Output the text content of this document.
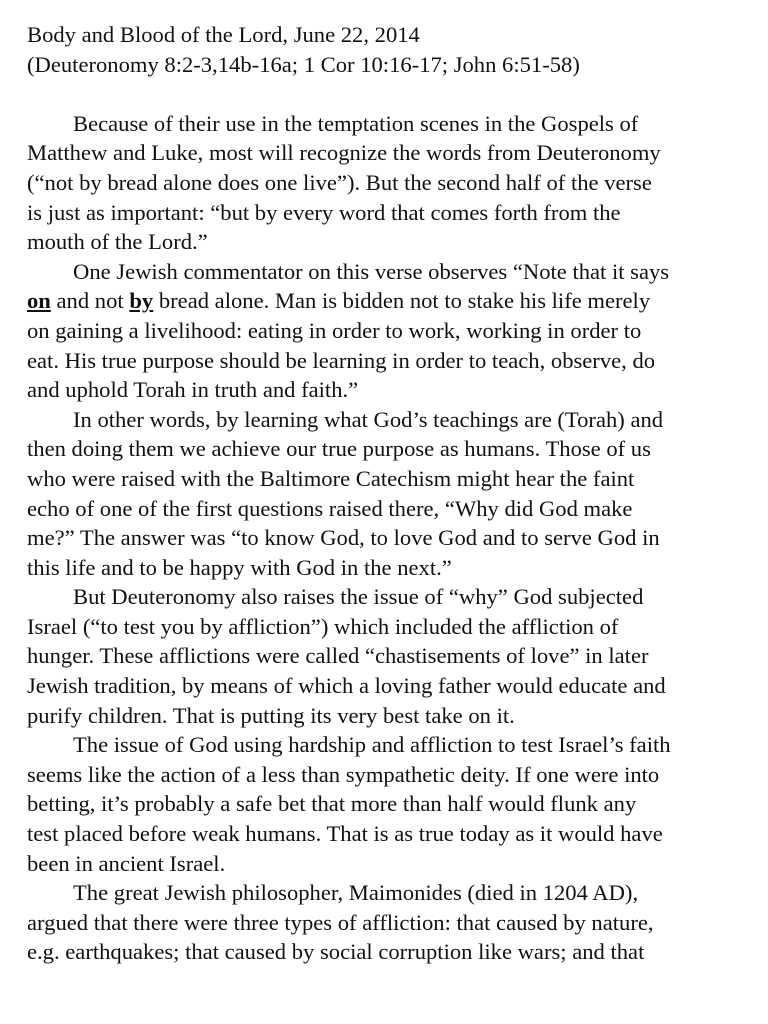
Body and Blood of the Lord, June 22, 2014
(Deuteronomy 8:2-3,14b-16a; 1 Cor 10:16-17; John 6:51-58)
Because of their use in the temptation scenes in the Gospels of
Matthew and Luke, most will recognize the words from Deuteronomy
(“not by bread alone does one live”). But the second half of the verse
is just as important: “but by every word that comes forth from the
mouth of the Lord.”
One Jewish commentator on this verse observes “Note that it says
on and not by bread alone. Man is bidden not to stake his life merely
on gaining a livelihood: eating in order to work, working in order to
eat. His true purpose should be learning in order to teach, observe, do
and uphold Torah in truth and faith.”
In other words, by learning what God’s teachings are (Torah) and
then doing them we achieve our true purpose as humans. Those of us
who were raised with the Baltimore Catechism might hear the faint
echo of one of the first questions raised there, “Why did God make
me?” The answer was “to know God, to love God and to serve God in
this life and to be happy with God in the next.”
But Deuteronomy also raises the issue of “why” God subjected
Israel (“to test you by affliction”) which included the affliction of
hunger. These afflictions were called “chastisements of love” in later
Jewish tradition, by means of which a loving father would educate and
purify children. That is putting its very best take on it.
The issue of God using hardship and affliction to test Israel’s faith
seems like the action of a less than sympathetic deity. If one were into
betting, it’s probably a safe bet that more than half would flunk any
test placed before weak humans. That is as true today as it would have
been in ancient Israel.
The great Jewish philosopher, Maimonides (died in 1204 AD),
argued that there were three types of affliction: that caused by nature,
e.g. earthquakes; that caused by social corruption like wars; and that
